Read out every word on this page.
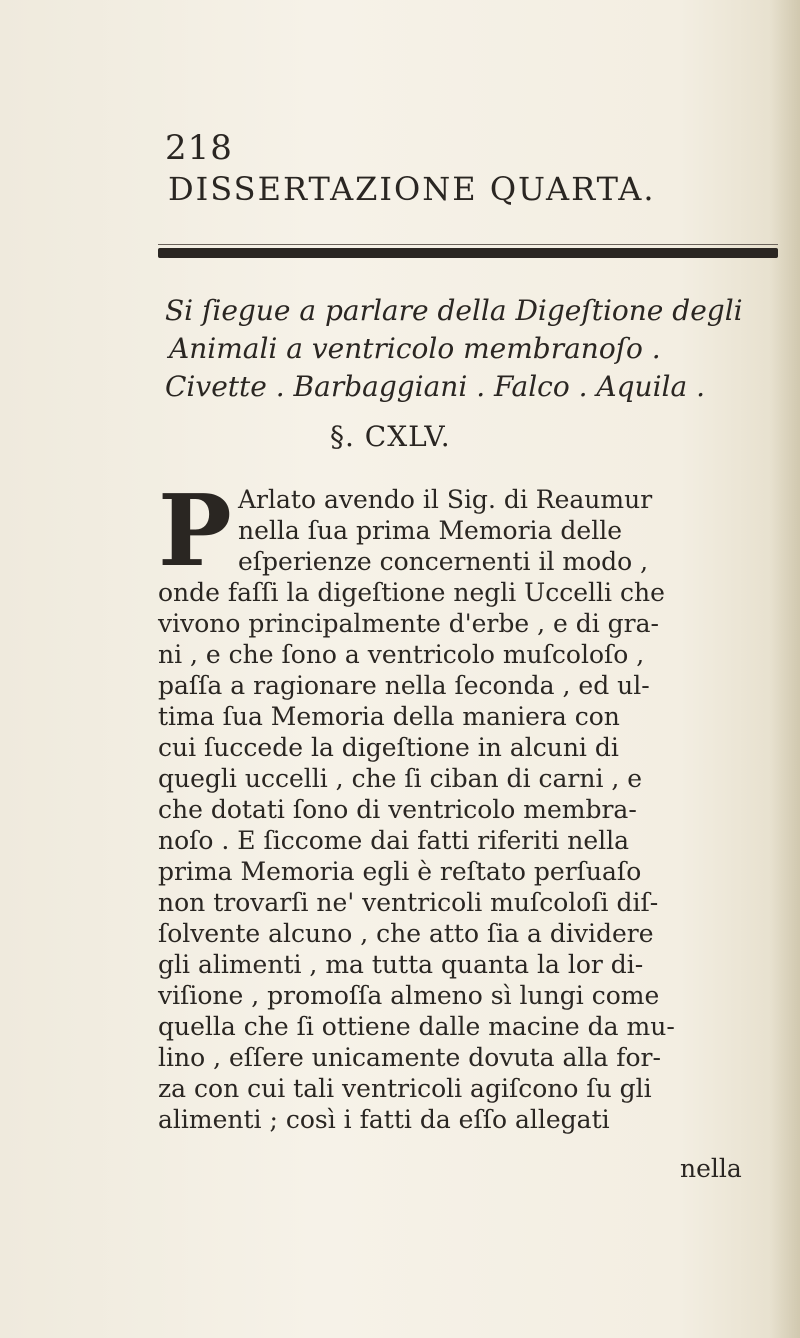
218
DISSERTAZIONE QUARTA.
Si ſiegue a parlare della Digeſtione degli
Animali a ventricolo membranoſo .
Civette . Barbaggiani . Falco . Aquila .
§. CXLV.
P Arlato avendo il Sig. di Reaumur
nella ſua prima Memoria delle
eſperienze concernenti il modo ,
onde faſſi la digeſtione negli Uccelli che
vivono principalmente d'erbe , e di gra-
ni , e che ſono a ventricolo muſcoloſo ,
paſſa a ragionare nella ſeconda , ed ul-
tima ſua Memoria della maniera con
cui ſuccede la digeſtione in alcuni di
quegli uccelli , che ſi ciban di carni , e
che dotati ſono di ventricolo membra-
noſo . E ſiccome dai fatti riferiti nella
prima Memoria egli è reſtato perſuaſo
non trovarſi ne' ventricoli muſcoloſi diſ-
ſolvente alcuno , che atto ſia a dividere
gli alimenti , ma tutta quanta la lor di-
viſione , promoſſa almeno sì lungi come
quella che ſi ottiene dalle macine da mu-
lino , eſſere unicamente dovuta alla for-
za con cui tali ventricoli agiſcono ſu gli
alimenti ; così i fatti da eſſo allegati
nella
